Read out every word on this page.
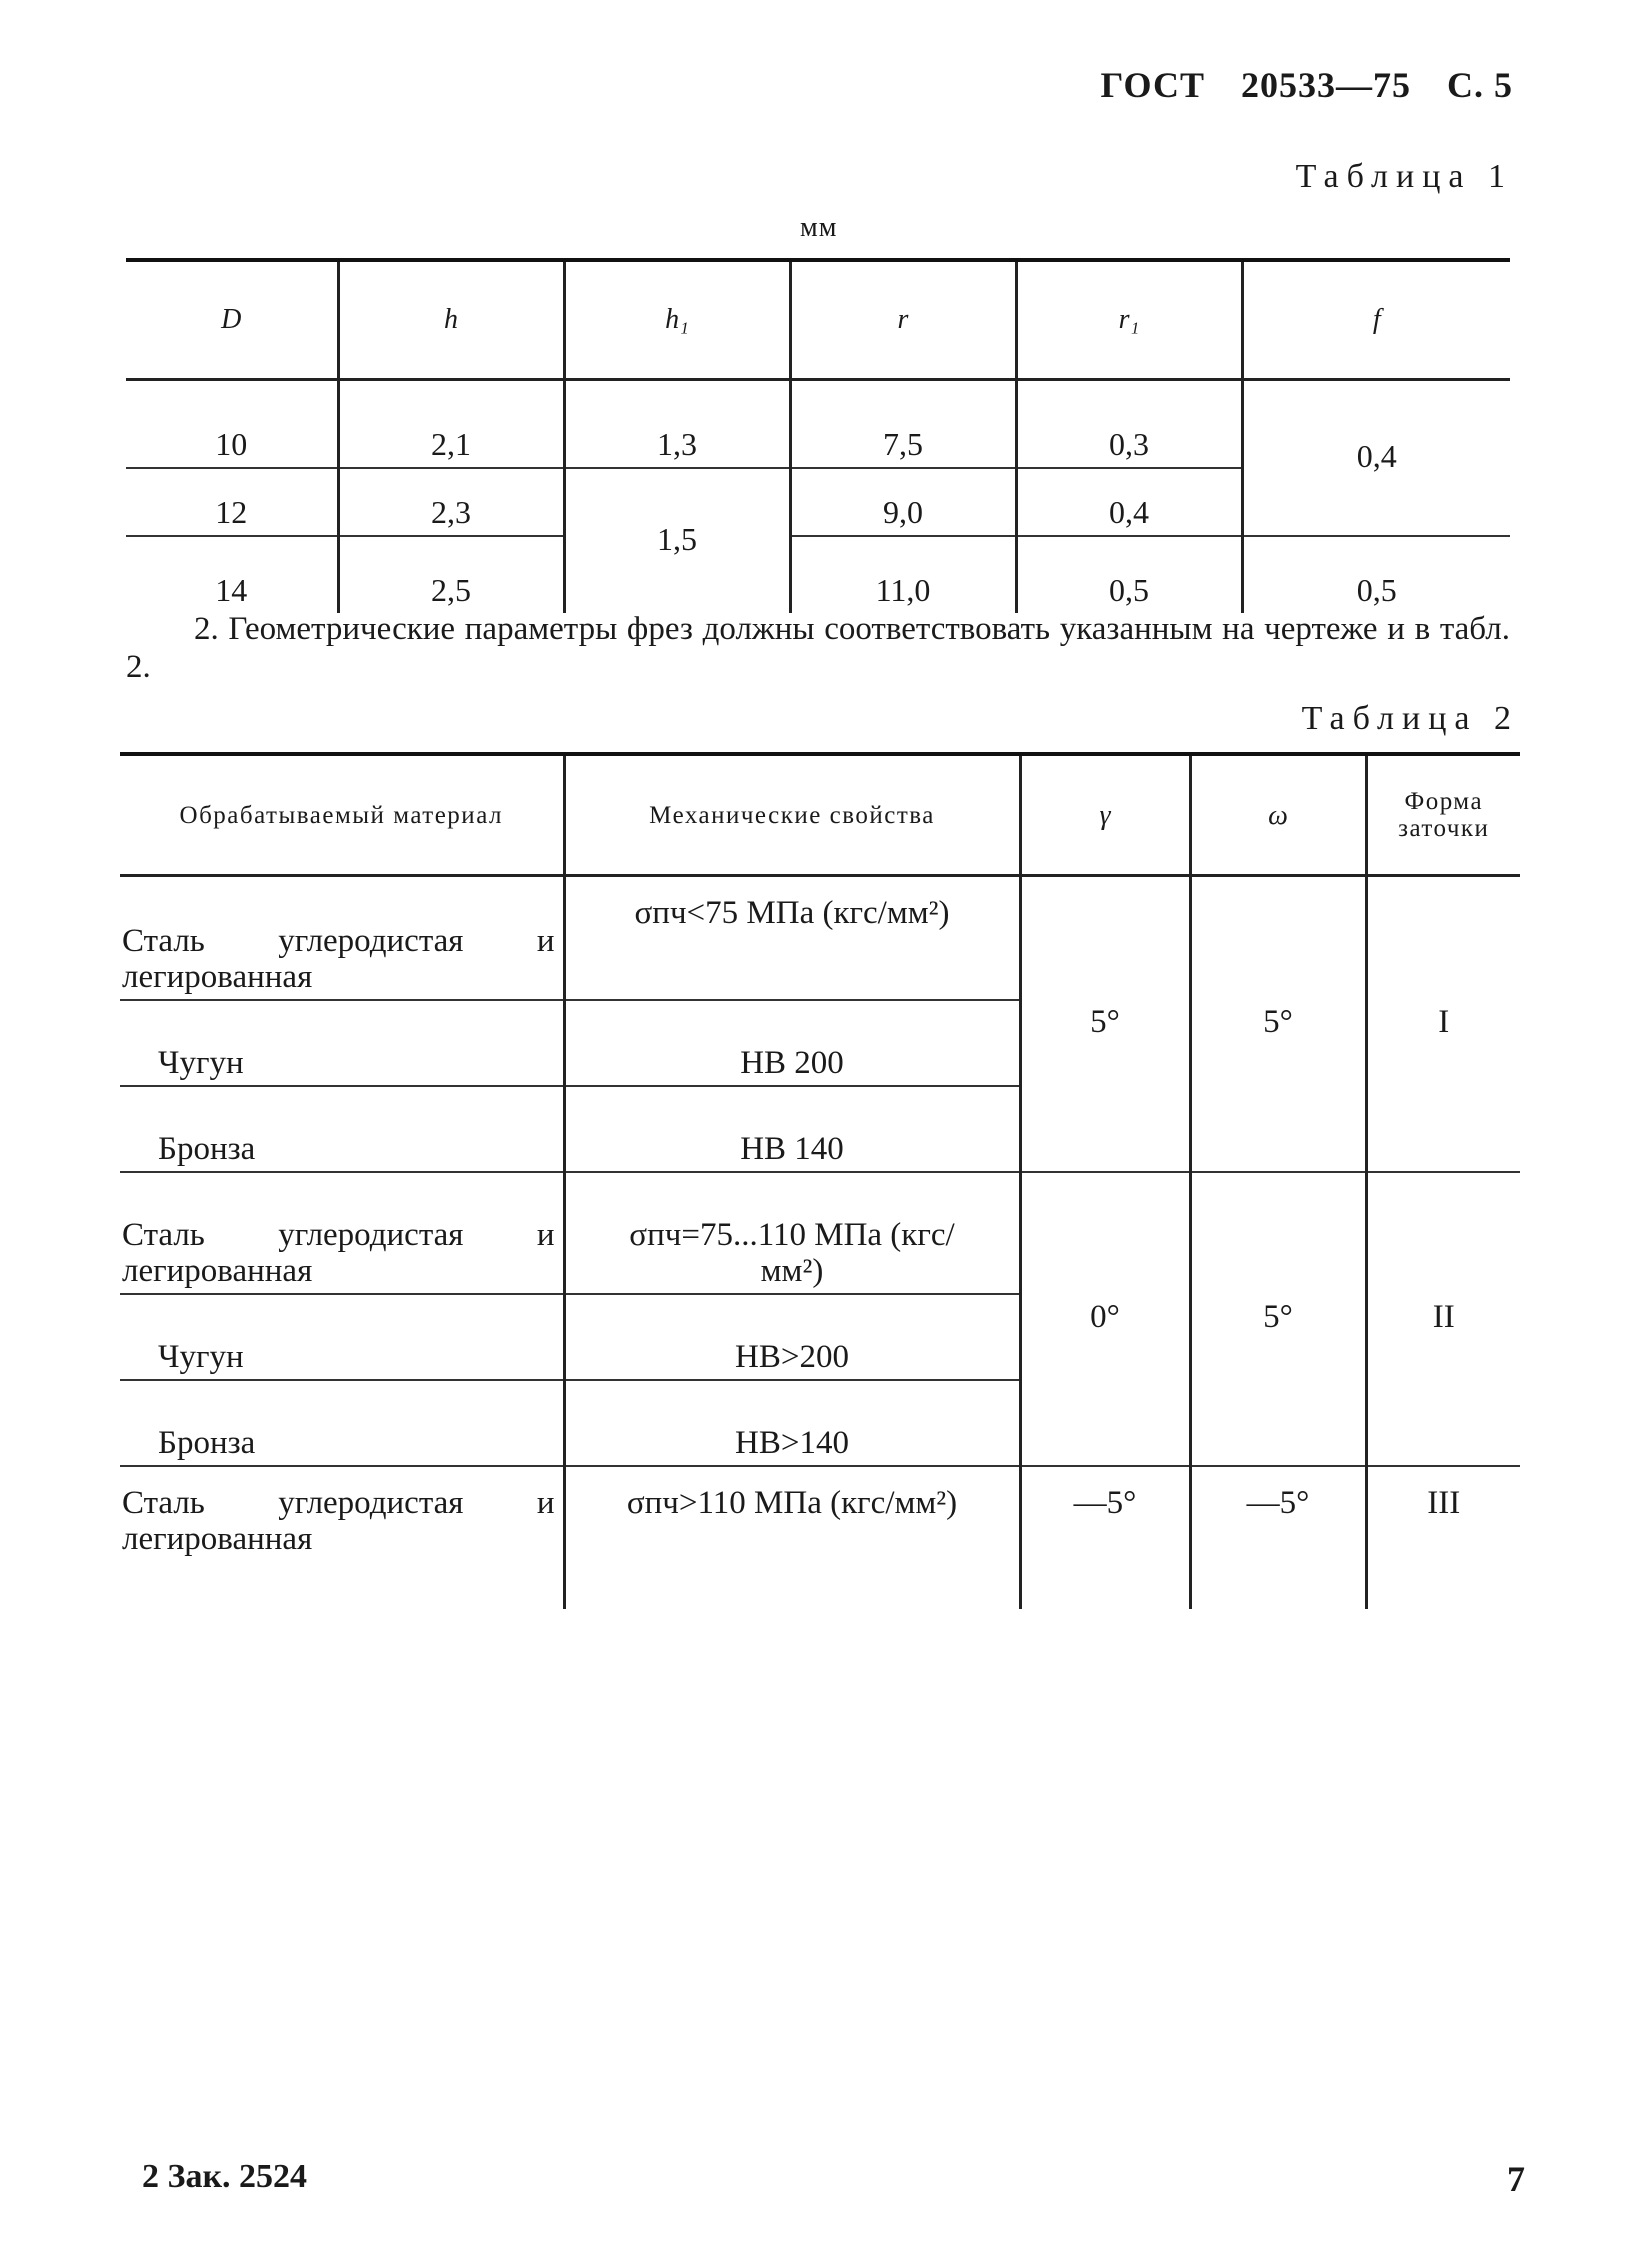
ГОСТ 20533—75 С. 5
Таблица 1
мм
D	h	h₁	r	r₁	f
10	2,1	1,3	7,5	0,3	0,4
12	2,3	1,5	9,0	0,4	
14	2,5		11,0	0,5	0,5
2. Геометрические параметры фрез должны соответствовать указанным на чертеже и в табл. 2.
Таблица 2
Обрабатываемый материал	Механические свойства	γ	ω	Форма заточки
Сталь углеродистая и легированная	σпч<75 МПа (кгс/мм²)	5°	5°	I
Чугун	НВ 200			
Бронза	НВ 140			
Сталь углеродистая и легированная	σпч=75...110 МПа (кгс/мм²)	0°	5°	II
Чугун	НВ>200			
Бронза	НВ>140			
Сталь углеродистая и легированная	σпч>110 МПа (кгс/мм²)	—5°	—5°	III
2 Зак. 2524	7
